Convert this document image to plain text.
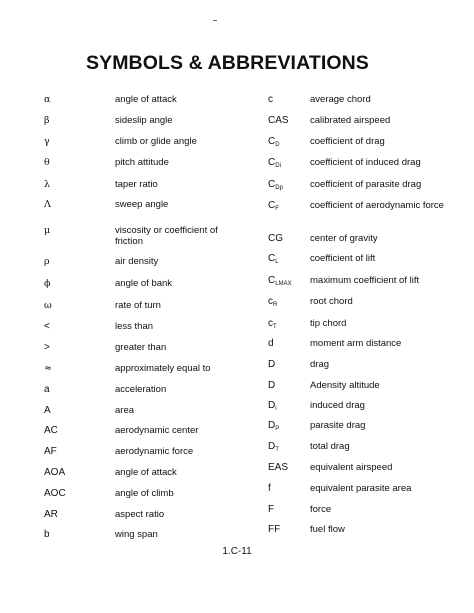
SYMBOLS & ABBREVIATIONS
α	angle of attack
β	sideslip angle
γ	climb or glide angle
θ	pitch attitude
λ	taper ratio
Λ	sweep angle
μ	viscosity or coefficient of friction
ρ	air density
ϕ	angle of bank
ω	rate of turn
<	less than
>	greater than
≈	approximately equal to
a	acceleration
A	area
AC	aerodynamic center
AF	aerodynamic force
AOA	angle of attack
AOC	angle of climb
AR	aspect ratio
b	wing span
c	average chord
CAS calibrated airspeed
$C_D$	coefficient of drag
$C_{Di}$	coefficient of induced drag
$C_{Dp}$	coefficient of parasite drag
$C_F$	coefficient of aerodynamic force
CG	center of gravity
$C_L$	coefficient of lift
$C_{LMAX}$ maximum coefficient of lift
$c_R$	root chord
$c_T$	tip chord
d	moment arm distance
D	drag
D	Adensity altitude
$D_i$	induced drag
$D_P$	parasite drag
$D_T$	total drag
EAS equivalent airspeed
f	equivalent parasite area
F	force
FF	fuel flow
1.C-11
